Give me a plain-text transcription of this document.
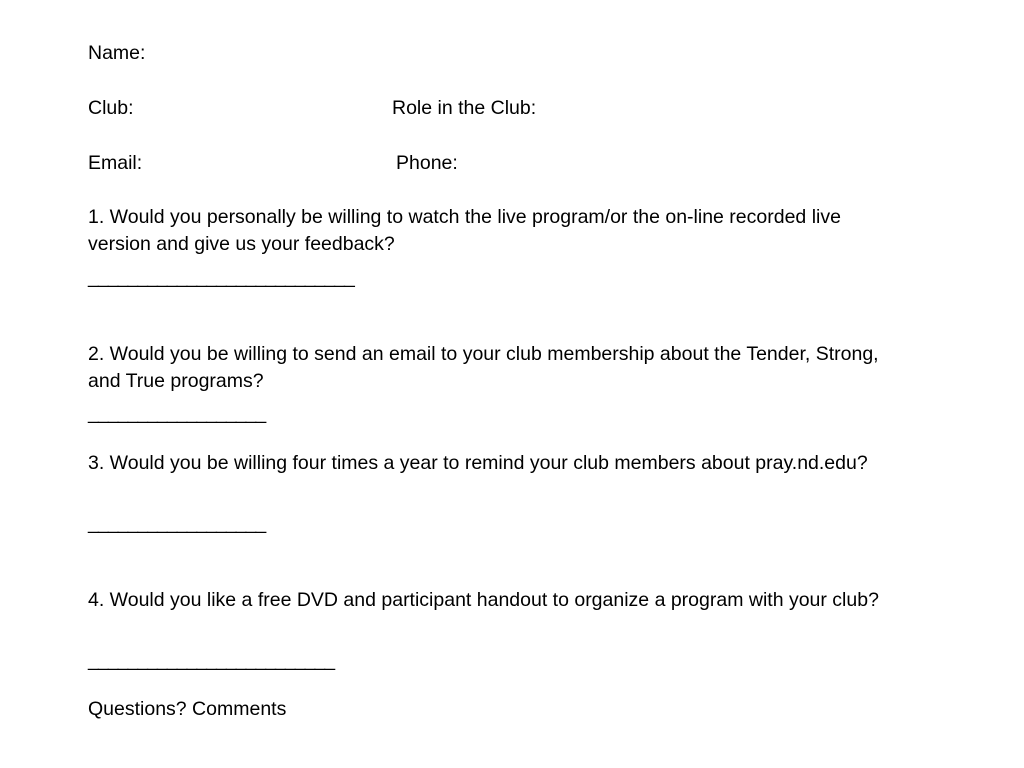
Name:
Club:	Role in the Club:
Email:	Phone:
1. Would you personally be willing to watch the live program/or the on-line recorded live version and give us your feedback?
___________________________
2. Would you be willing to send an email to your club membership about the Tender, Strong, and True programs?
__________________
3. Would you be willing four times a year to remind your club members about pray.nd.edu?
__________________
4. Would you like a free DVD and participant handout to organize a program with your club?
_________________________
Questions? Comments
